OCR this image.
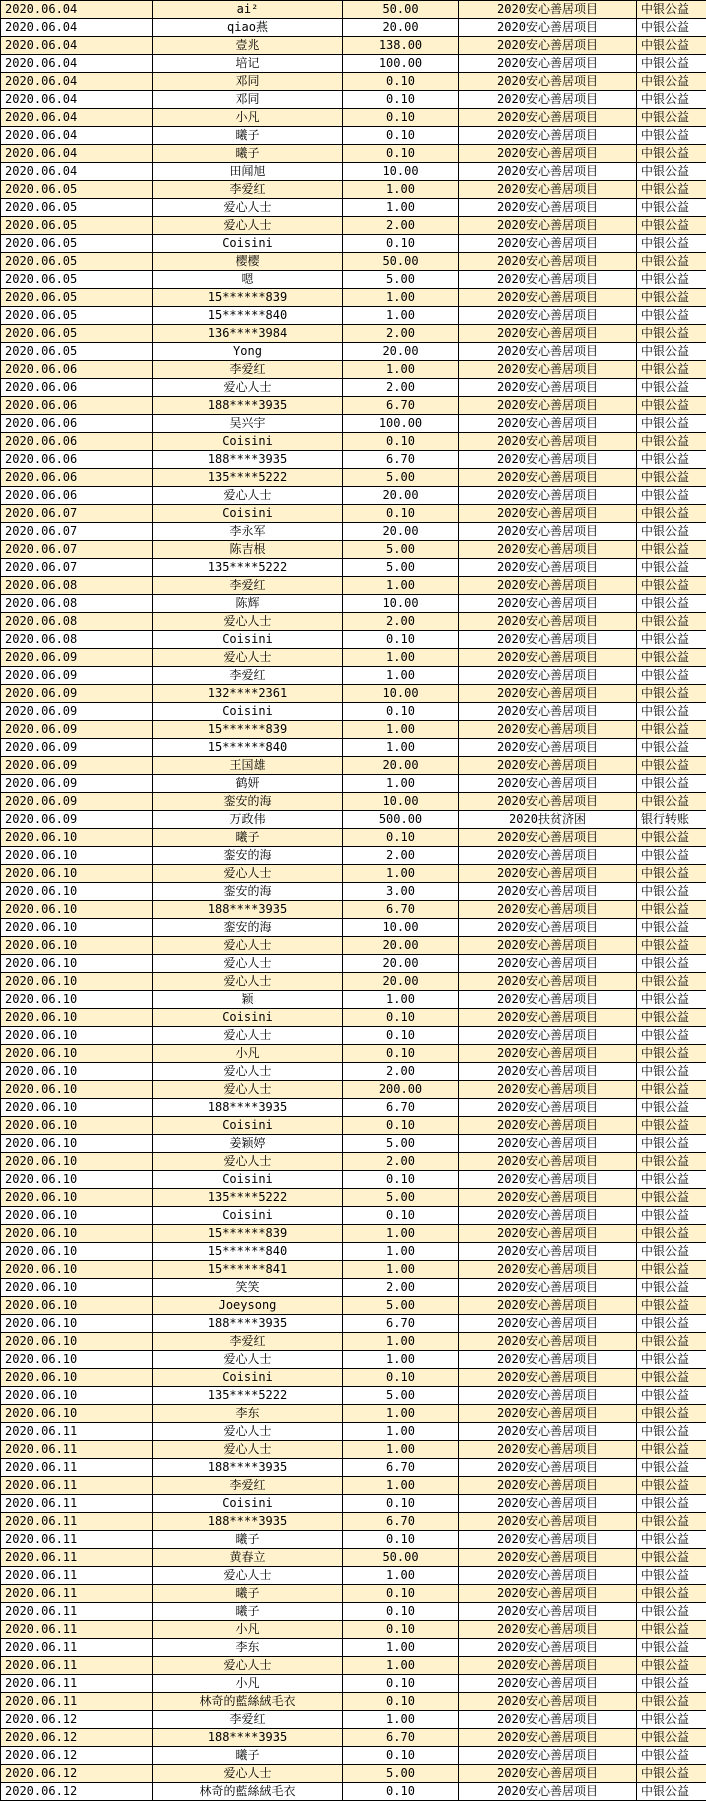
2020.06.04	ai²	50.00	2020安心善居项目	中银公益
2020.06.04	qiao燕	20.00	2020安心善居项目	中银公益
2020.06.04	壹兆	138.00	2020安心善居项目	中银公益
2020.06.04	培记	100.00	2020安心善居项目	中银公益
2020.06.04	邓同	0.10	2020安心善居项目	中银公益
2020.06.04	邓同	0.10	2020安心善居项目	中银公益
2020.06.04	小凡	0.10	2020安心善居项目	中银公益
2020.06.04	曦子	0.10	2020安心善居项目	中银公益
2020.06.04	曦子	0.10	2020安心善居项目	中银公益
2020.06.04	田闻旭	10.00	2020安心善居项目	中银公益
2020.06.05	李爱红	1.00	2020安心善居项目	中银公益
2020.06.05	爱心人士	1.00	2020安心善居项目	中银公益
2020.06.05	爱心人士	2.00	2020安心善居项目	中银公益
2020.06.05	Coisini	0.10	2020安心善居项目	中银公益
2020.06.05	樱樱	50.00	2020安心善居项目	中银公益
2020.06.05	嗯	5.00	2020安心善居项目	中银公益
2020.06.05	15******839	1.00	2020安心善居项目	中银公益
2020.06.05	15******840	1.00	2020安心善居项目	中银公益
2020.06.05	136****3984	2.00	2020安心善居项目	中银公益
2020.06.05	Yong	20.00	2020安心善居项目	中银公益
2020.06.06	李爱红	1.00	2020安心善居项目	中银公益
2020.06.06	爱心人士	2.00	2020安心善居项目	中银公益
2020.06.06	188****3935	6.70	2020安心善居项目	中银公益
2020.06.06	吴兴宇	100.00	2020安心善居项目	中银公益
2020.06.06	Coisini	0.10	2020安心善居项目	中银公益
2020.06.06	188****3935	6.70	2020安心善居项目	中银公益
2020.06.06	135****5222	5.00	2020安心善居项目	中银公益
2020.06.06	爱心人士	20.00	2020安心善居项目	中银公益
2020.06.07	Coisini	0.10	2020安心善居项目	中银公益
2020.06.07	李永军	20.00	2020安心善居项目	中银公益
2020.06.07	陈吉根	5.00	2020安心善居项目	中银公益
2020.06.07	135****5222	5.00	2020安心善居项目	中银公益
2020.06.08	李爱红	1.00	2020安心善居项目	中银公益
2020.06.08	陈辉	10.00	2020安心善居项目	中银公益
2020.06.08	爱心人士	2.00	2020安心善居项目	中银公益
2020.06.08	Coisini	0.10	2020安心善居项目	中银公益
2020.06.09	爱心人士	1.00	2020安心善居项目	中银公益
2020.06.09	李爱红	1.00	2020安心善居项目	中银公益
2020.06.09	132****2361	10.00	2020安心善居项目	中银公益
2020.06.09	Coisini	0.10	2020安心善居项目	中银公益
2020.06.09	15******839	1.00	2020安心善居项目	中银公益
2020.06.09	15******840	1.00	2020安心善居项目	中银公益
2020.06.09	王国雄	20.00	2020安心善居项目	中银公益
2020.06.09	鹤妍	1.00	2020安心善居项目	中银公益
2020.06.09	銮安的海	10.00	2020安心善居项目	中银公益
2020.06.09	万政伟	500.00	2020扶贫济困	银行转账
2020.06.10	曦子	0.10	2020安心善居项目	中银公益
2020.06.10	銮安的海	2.00	2020安心善居项目	中银公益
2020.06.10	爱心人士	1.00	2020安心善居项目	中银公益
2020.06.10	銮安的海	3.00	2020安心善居项目	中银公益
2020.06.10	188****3935	6.70	2020安心善居项目	中银公益
2020.06.10	銮安的海	10.00	2020安心善居项目	中银公益
2020.06.10	爱心人士	20.00	2020安心善居项目	中银公益
2020.06.10	爱心人士	20.00	2020安心善居项目	中银公益
2020.06.10	爱心人士	20.00	2020安心善居项目	中银公益
2020.06.10	颖	1.00	2020安心善居项目	中银公益
2020.06.10	Coisini	0.10	2020安心善居项目	中银公益
2020.06.10	爱心人士	0.10	2020安心善居项目	中银公益
2020.06.10	小凡	0.10	2020安心善居项目	中银公益
2020.06.10	爱心人士	2.00	2020安心善居项目	中银公益
2020.06.10	爱心人士	200.00	2020安心善居项目	中银公益
2020.06.10	188****3935	6.70	2020安心善居项目	中银公益
2020.06.10	Coisini	0.10	2020安心善居项目	中银公益
2020.06.10	姜颖婷	5.00	2020安心善居项目	中银公益
2020.06.10	爱心人士	2.00	2020安心善居项目	中银公益
2020.06.10	Coisini	0.10	2020安心善居项目	中银公益
2020.06.10	135****5222	5.00	2020安心善居项目	中银公益
2020.06.10	Coisini	0.10	2020安心善居项目	中银公益
2020.06.10	15******839	1.00	2020安心善居项目	中银公益
2020.06.10	15******840	1.00	2020安心善居项目	中银公益
2020.06.10	15******841	1.00	2020安心善居项目	中银公益
2020.06.10	笑笑	2.00	2020安心善居项目	中银公益
2020.06.10	Joeysong	5.00	2020安心善居项目	中银公益
2020.06.10	188****3935	6.70	2020安心善居项目	中银公益
2020.06.10	李爱红	1.00	2020安心善居项目	中银公益
2020.06.10	爱心人士	1.00	2020安心善居项目	中银公益
2020.06.10	Coisini	0.10	2020安心善居项目	中银公益
2020.06.10	135****5222	5.00	2020安心善居项目	中银公益
2020.06.10	李东	1.00	2020安心善居项目	中银公益
2020.06.11	爱心人士	1.00	2020安心善居项目	中银公益
2020.06.11	爱心人士	1.00	2020安心善居项目	中银公益
2020.06.11	188****3935	6.70	2020安心善居项目	中银公益
2020.06.11	李爱红	1.00	2020安心善居项目	中银公益
2020.06.11	Coisini	0.10	2020安心善居项目	中银公益
2020.06.11	188****3935	6.70	2020安心善居项目	中银公益
2020.06.11	曦子	0.10	2020安心善居项目	中银公益
2020.06.11	黄春立	50.00	2020安心善居项目	中银公益
2020.06.11	爱心人士	1.00	2020安心善居项目	中银公益
2020.06.11	曦子	0.10	2020安心善居项目	中银公益
2020.06.11	曦子	0.10	2020安心善居项目	中银公益
2020.06.11	小凡	0.10	2020安心善居项目	中银公益
2020.06.11	李东	1.00	2020安心善居项目	中银公益
2020.06.11	爱心人士	1.00	2020安心善居项目	中银公益
2020.06.11	小凡	0.10	2020安心善居项目	中银公益
2020.06.11	林奇的藍絲絨毛衣	0.10	2020安心善居项目	中银公益
2020.06.12	李爱红	1.00	2020安心善居项目	中银公益
2020.06.12	188****3935	6.70	2020安心善居项目	中银公益
2020.06.12	曦子	0.10	2020安心善居项目	中银公益
2020.06.12	爱心人士	5.00	2020安心善居项目	中银公益
2020.06.12	林奇的藍絲絨毛衣	0.10	2020安心善居项目	中银公益
